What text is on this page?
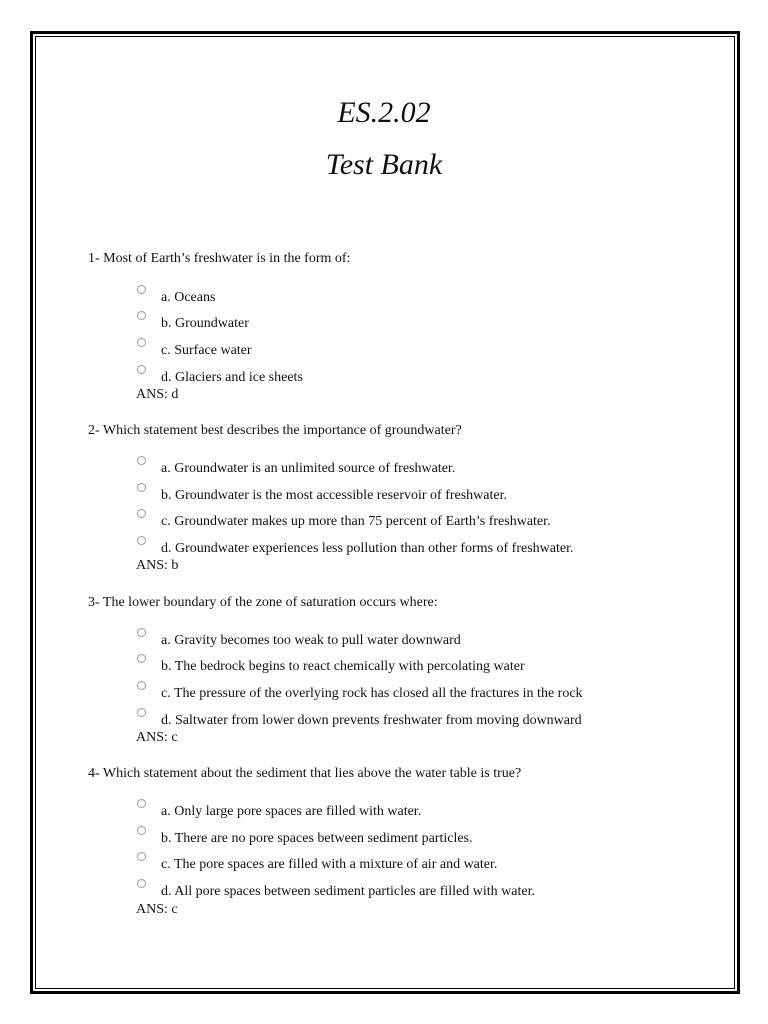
ES.2.02
Test Bank

1- Most of Earth’s freshwater is in the form of:

a. Oceans
b. Groundwater
c. Surface water
d. Glaciers and ice sheets

ANS: d

2- Which statement best describes the importance of groundwater?

a. Groundwater is an unlimited source of freshwater.
b. Groundwater is the most accessible reservoir of freshwater.
c. Groundwater makes up more than 75 percent of Earth’s freshwater.
d. Groundwater experiences less pollution than other forms of freshwater.

ANS: b

3- The lower boundary of the zone of saturation occurs where:

a. Gravity becomes too weak to pull water downward
b. The bedrock begins to react chemically with percolating water
c. The pressure of the overlying rock has closed all the fractures in the rock
d. Saltwater from lower down prevents freshwater from moving downward

ANS: c

4- Which statement about the sediment that lies above the water table is true?

a. Only large pore spaces are filled with water.
b. There are no pore spaces between sediment particles.
c. The pore spaces are filled with a mixture of air and water.
d. All pore spaces between sediment particles are filled with water.

ANS: c
